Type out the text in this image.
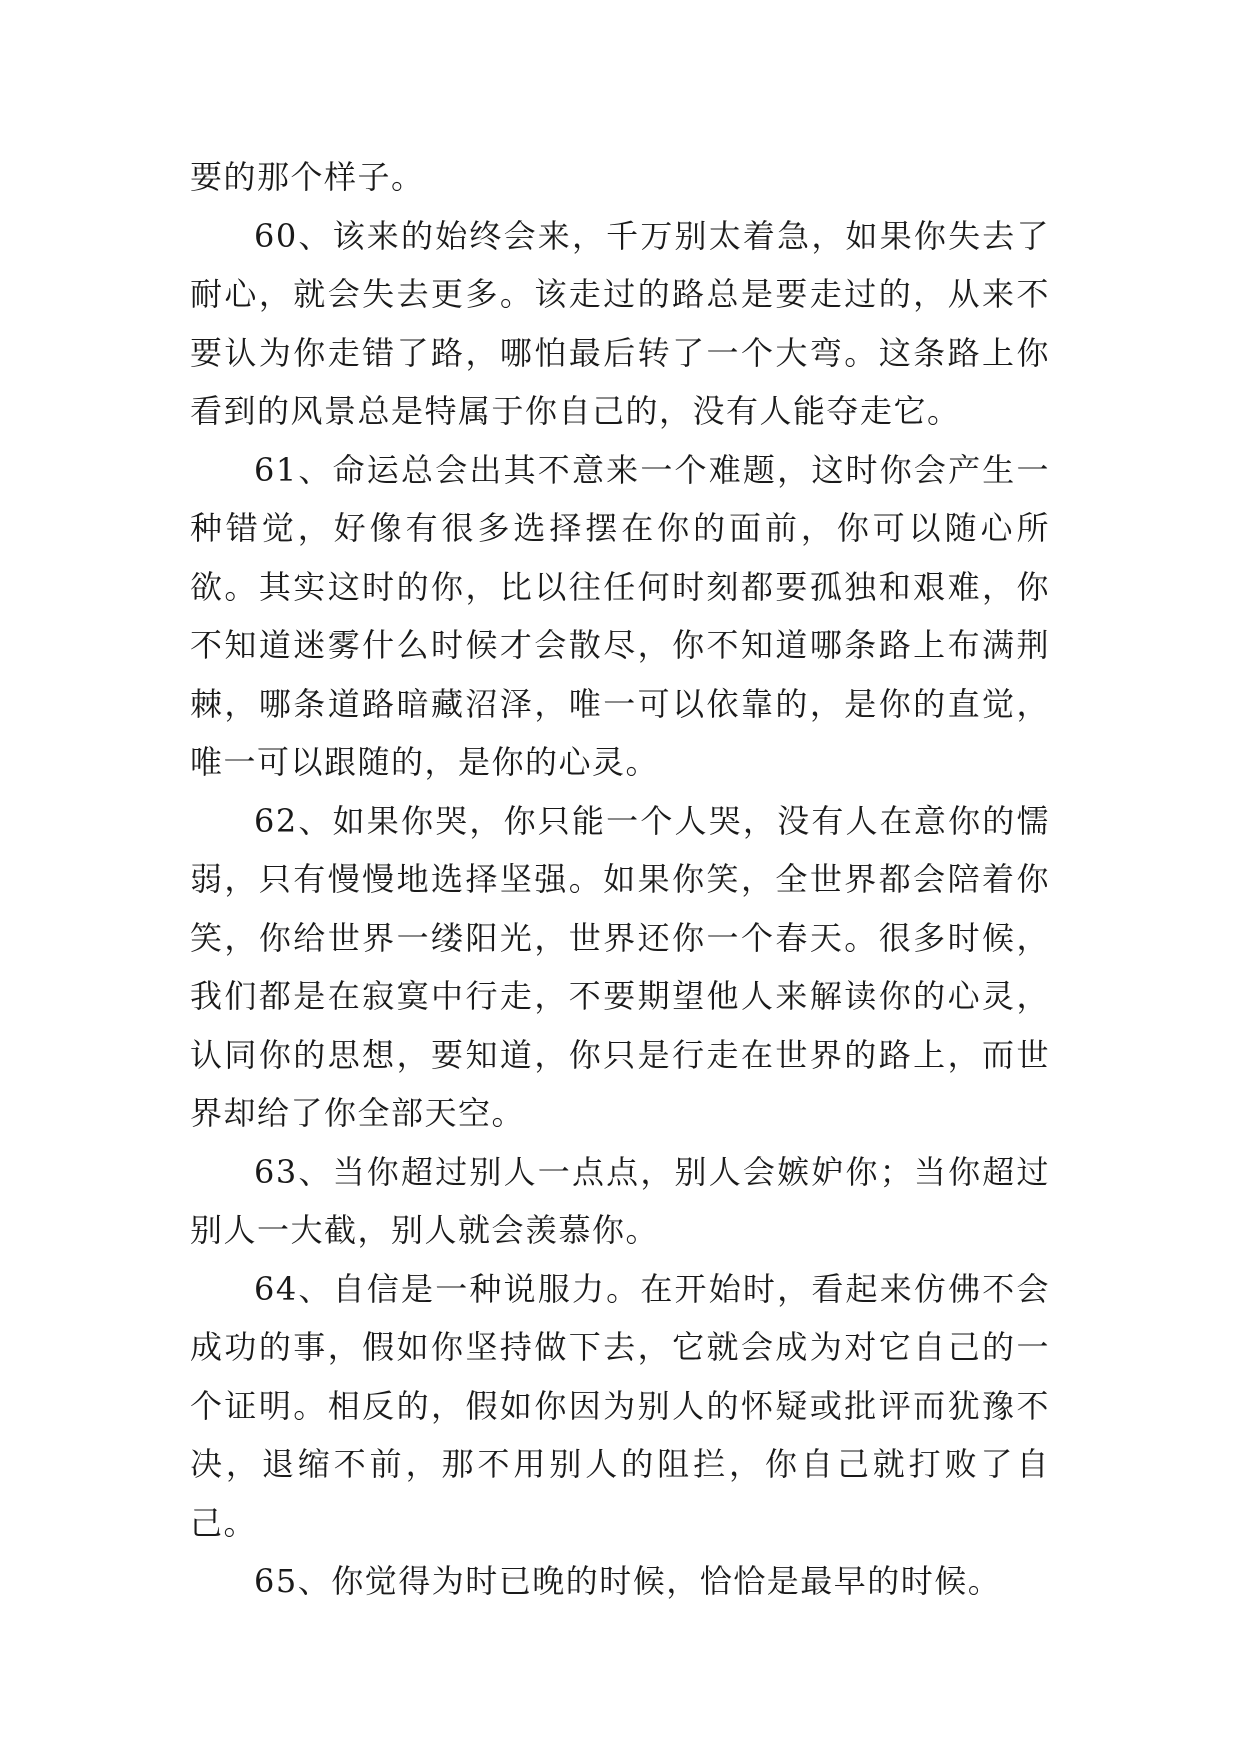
要的那个样子。

60、该来的始终会来，千万别太着急，如果你失去了耐心，就会失去更多。该走过的路总是要走过的，从来不要认为你走错了路，哪怕最后转了一个大弯。这条路上你看到的风景总是特属于你自己的，没有人能夺走它。

61、命运总会出其不意来一个难题，这时你会产生一种错觉，好像有很多选择摆在你的面前，你可以随心所欲。其实这时的你，比以往任何时刻都要孤独和艰难，你不知道迷雾什么时候才会散尽，你不知道哪条路上布满荆棘，哪条道路暗藏沼泽，唯一可以依靠的，是你的直觉，唯一可以跟随的，是你的心灵。

62、如果你哭，你只能一个人哭，没有人在意你的懦弱，只有慢慢地选择坚强。如果你笑，全世界都会陪着你笑，你给世界一缕阳光，世界还你一个春天。很多时候，我们都是在寂寞中行走，不要期望他人来解读你的心灵，认同你的思想，要知道，你只是行走在世界的路上，而世界却给了你全部天空。

63、当你超过别人一点点，别人会嫉妒你；当你超过别人一大截，别人就会羡慕你。

64、自信是一种说服力。在开始时，看起来仿佛不会成功的事，假如你坚持做下去，它就会成为对它自己的一个证明。相反的，假如你因为别人的怀疑或批评而犹豫不决，退缩不前，那不用别人的阻拦，你自己就打败了自己。

65、你觉得为时已晚的时候，恰恰是最早的时候。
